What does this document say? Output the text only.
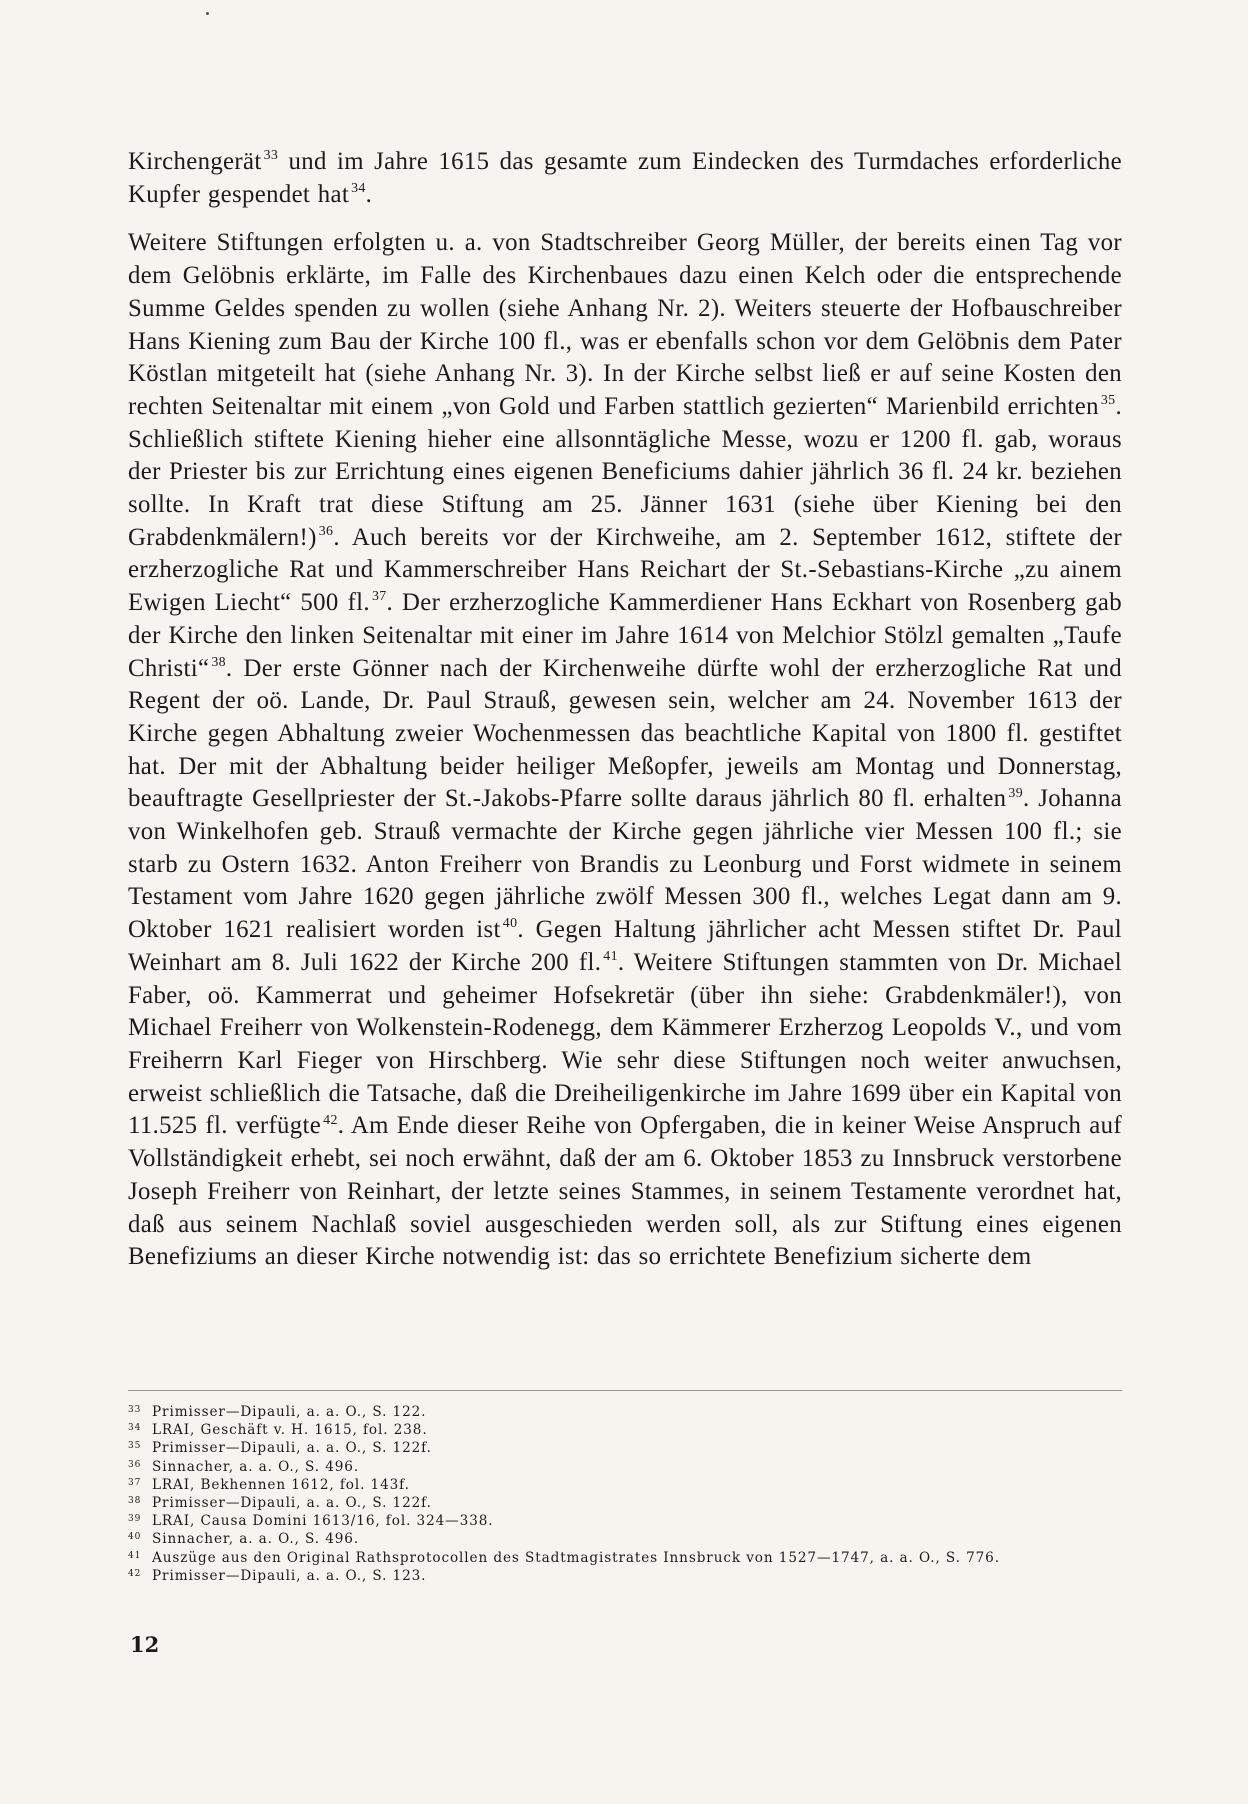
Kirchengerät $^{33}$ und im Jahre 1615 das gesamte zum Eindecken des Turmdaches erforderliche Kupfer gespendet hat $^{34}$.

Weitere Stiftungen erfolgten u. a. von Stadtschreiber Georg Müller, der bereits einen Tag vor dem Gelöbnis erklärte, im Falle des Kirchenbaues dazu einen Kelch oder die entsprechende Summe Geldes spenden zu wollen (siehe Anhang Nr. 2). Weiters steuerte der Hofbauschreiber Hans Kiening zum Bau der Kirche 100 fl., was er ebenfalls schon vor dem Gelöbnis dem Pater Köstlan mitgeteilt hat (siehe Anhang Nr. 3). In der Kirche selbst ließ er auf seine Kosten den rechten Seitenaltar mit einem „von Gold und Farben stattlich gezierten“ Marienbild errichten $^{35}$. Schließlich stiftete Kiening hieher eine allsonntägliche Messe, wozu er 1200 fl. gab, woraus der Priester bis zur Errichtung eines eigenen Beneficiums dahier jährlich 36 fl. 24 kr. beziehen sollte. In Kraft trat diese Stiftung am 25. Jänner 1631 (siehe über Kiening bei den Grabdenkmälern!) $^{36}$. Auch bereits vor der Kirchweihe, am 2. September 1612, stiftete der erzherzogliche Rat und Kammerschreiber Hans Reichart der St.-Sebastians-Kirche „zu ainem Ewigen Liecht“ 500 fl. $^{37}$. Der erzherzogliche Kammerdiener Hans Eckhart von Rosenberg gab der Kirche den linken Seitenaltar mit einer im Jahre 1614 von Melchior Stölzl gemalten „Taufe Christi“ $^{38}$. Der erste Gönner nach der Kirchenweihe dürfte wohl der erzherzogliche Rat und Regent der oö. Lande, Dr. Paul Strauß, gewesen sein, welcher am 24. November 1613 der Kirche gegen Abhaltung zweier Wochenmessen das beachtliche Kapital von 1800 fl. gestiftet hat. Der mit der Abhaltung beider heiliger Meßopfer, jeweils am Montag und Donnerstag, beauftragte Gesellpriester der St.-Jakobs-Pfarre sollte daraus jährlich 80 fl. erhalten $^{39}$. Johanna von Winkelhofen geb. Strauß vermachte der Kirche gegen jährliche vier Messen 100 fl.; sie starb zu Ostern 1632. Anton Freiherr von Brandis zu Leonburg und Forst widmete in seinem Testament vom Jahre 1620 gegen jährliche zwölf Messen 300 fl., welches Legat dann am 9. Oktober 1621 realisiert worden ist $^{40}$. Gegen Haltung jährlicher acht Messen stiftet Dr. Paul Weinhart am 8. Juli 1622 der Kirche 200 fl. $^{41}$. Weitere Stiftungen stammten von Dr. Michael Faber, oö. Kammerrat und geheimer Hofsekretär (über ihn siehe: Grabdenkmäler!), von Michael Freiherr von Wolkenstein-Rodenegg, dem Kämmerer Erzherzog Leopolds V., und vom Freiherrn Karl Fieger von Hirschberg. Wie sehr diese Stiftungen noch weiter anwuchsen, erweist schließlich die Tatsache, daß die Dreiheiligenkirche im Jahre 1699 über ein Kapital von 11.525 fl. verfügte $^{42}$. Am Ende dieser Reihe von Opfergaben, die in keiner Weise Anspruch auf Vollständigkeit erhebt, sei noch erwähnt, daß der am 6. Oktober 1853 zu Innsbruck verstorbene Joseph Freiherr von Reinhart, der letzte seines Stammes, in seinem Testamente verordnet hat, daß aus seinem Nachlaß soviel ausgeschieden werden soll, als zur Stiftung eines eigenen Benefiziums an dieser Kirche notwendig ist: das so errichtete Benefizium sicherte dem

33 Primisser—Dipauli, a. a. O., S. 122.
34 LRAI, Geschäft v. H. 1615, fol. 238.
35 Primisser—Dipauli, a. a. O., S. 122f.
36 Sinnacher, a. a. O., S. 496.
37 LRAI, Bekhennen 1612, fol. 143f.
38 Primisser—Dipauli, a. a. O., S. 122f.
39 LRAI, Causa Domini 1613/16, fol. 324—338.
40 Sinnacher, a. a. O., S. 496.
41 Auszüge aus den Original Rathsprotocollen des Stadtmagistrates Innsbruck von 1527—1747, a. a. O., S. 776.
42 Primisser—Dipauli, a. a. O., S. 123.
12
